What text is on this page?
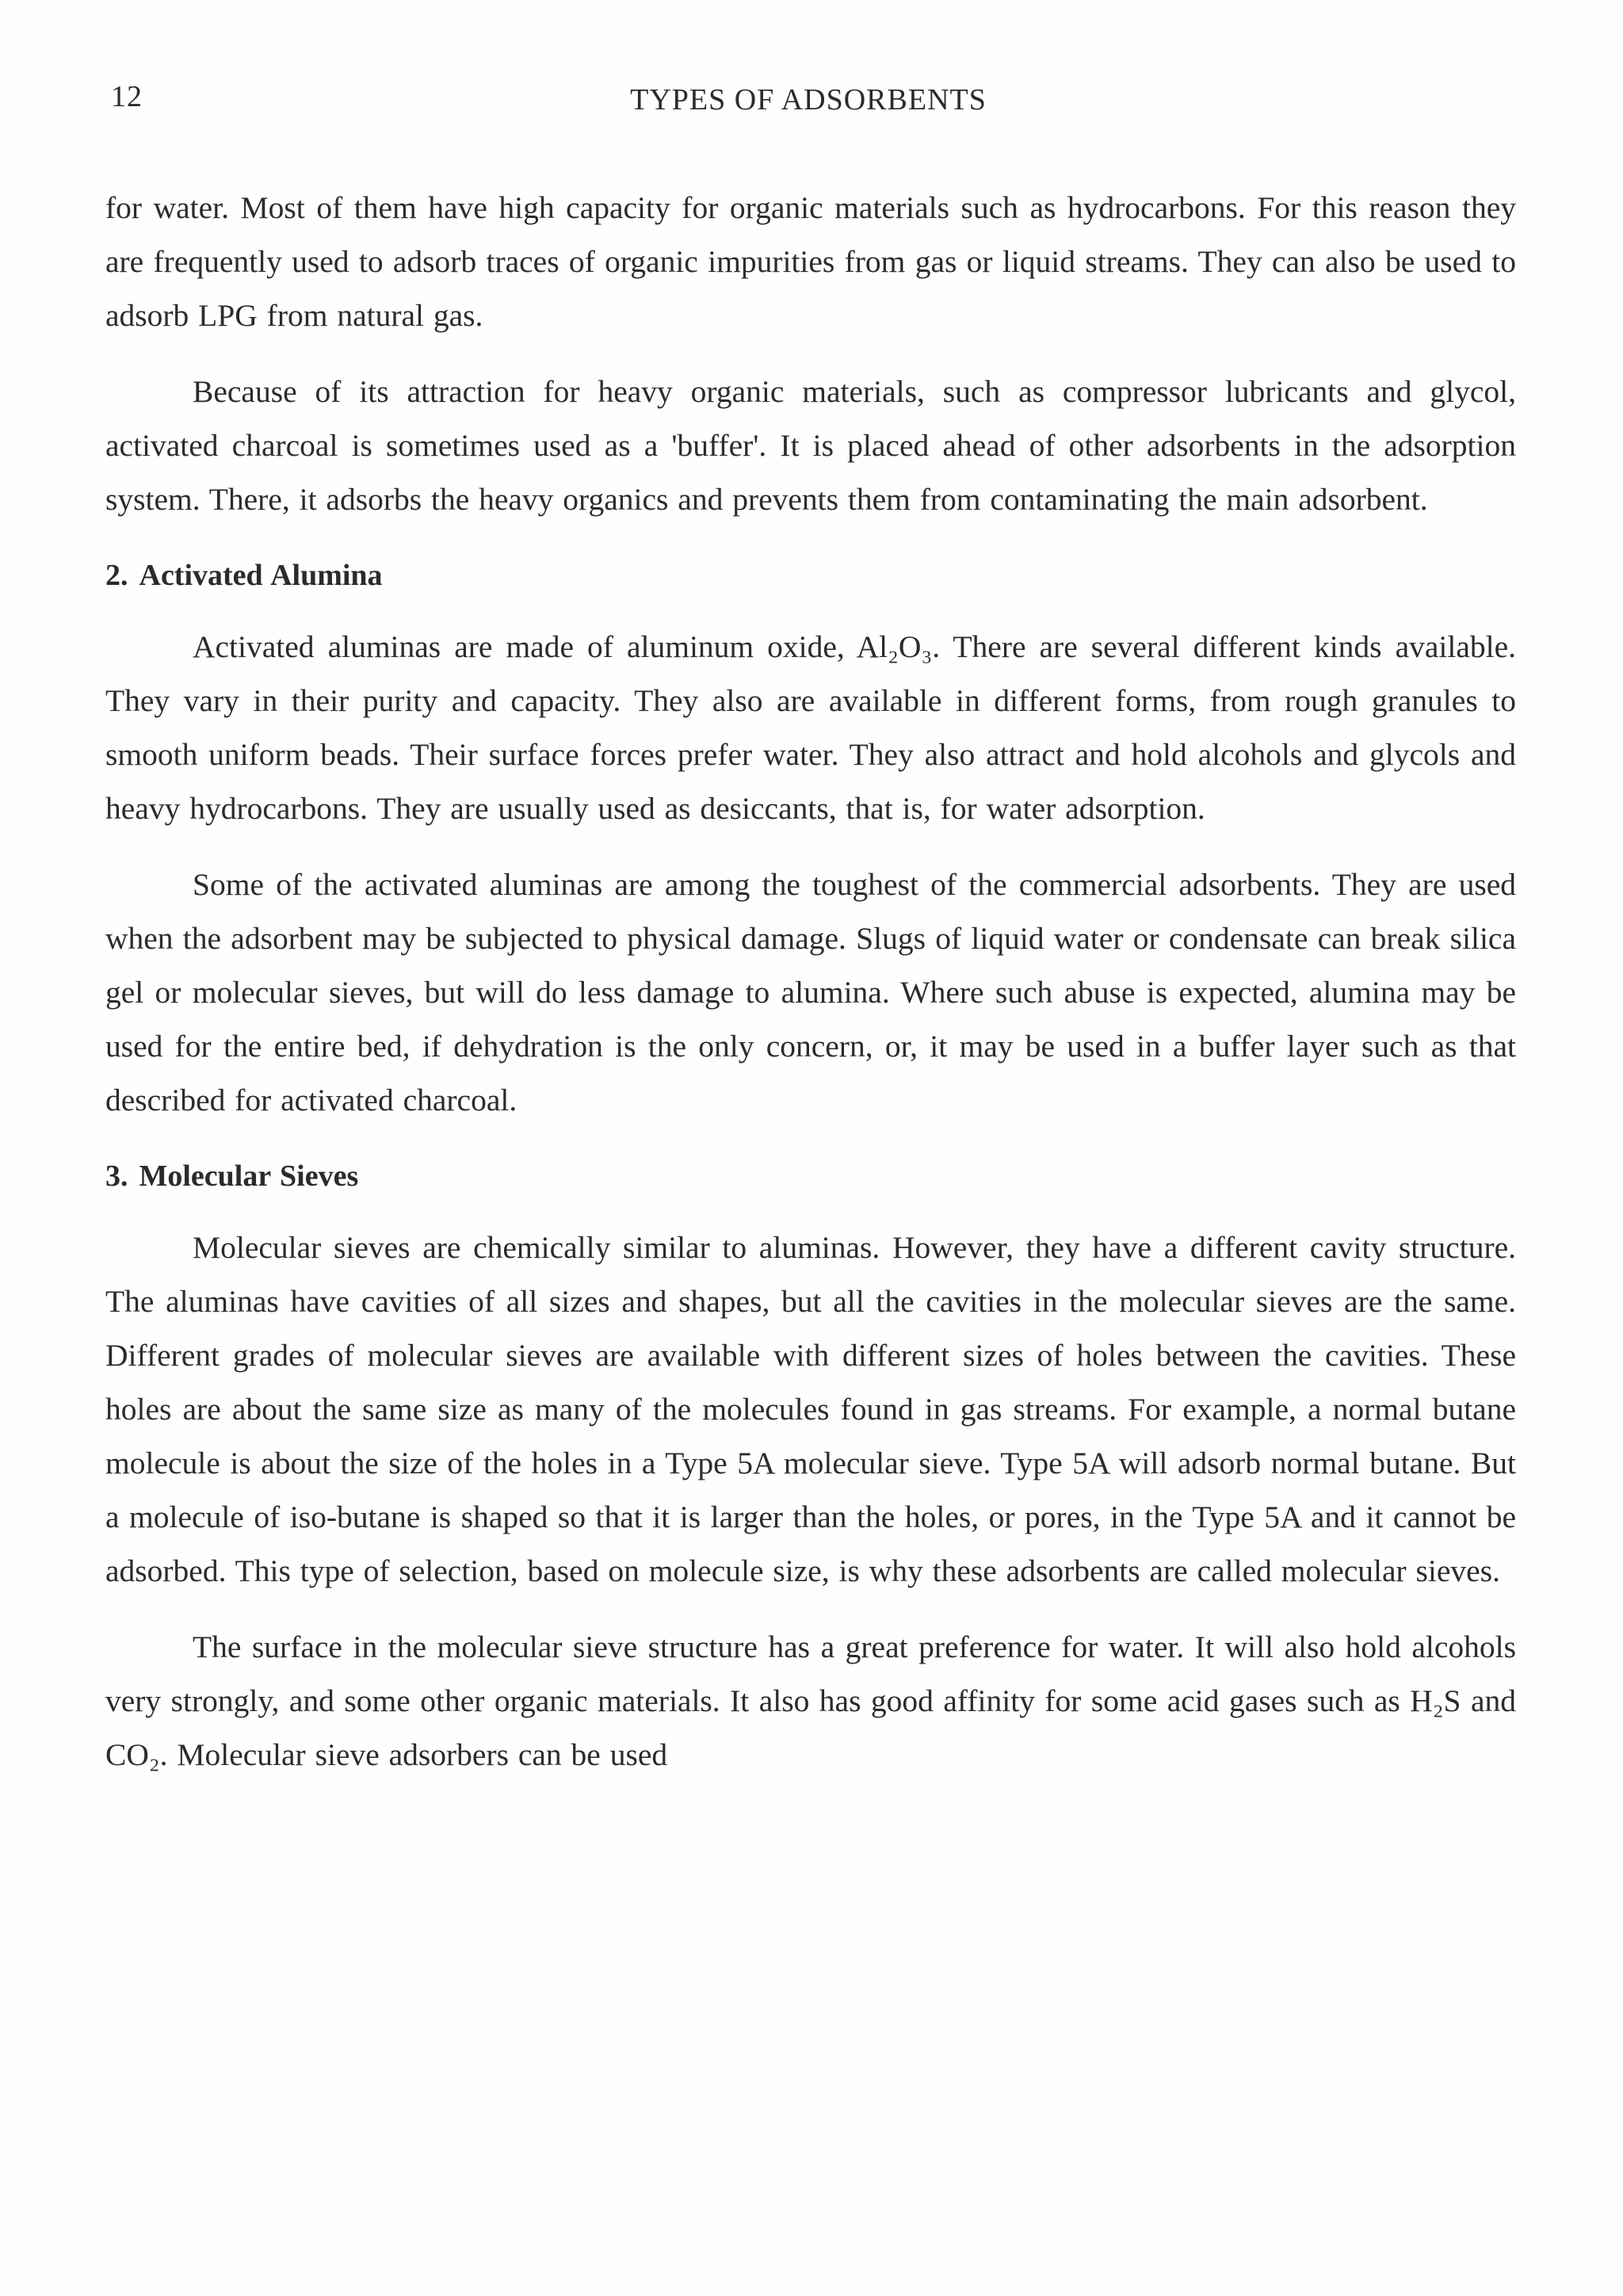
12	TYPES OF ADSORBENTS

for water. Most of them have high capacity for organic materials such as hydrocarbons. For this reason they are frequently used to adsorb traces of organic impurities from gas or liquid streams. They can also be used to adsorb LPG from natural gas.

Because of its attraction for heavy organic materials, such as compressor lubricants and glycol, activated charcoal is sometimes used as a 'buffer'. It is placed ahead of other adsorbents in the adsorption system. There, it adsorbs the heavy organics and prevents them from contaminating the main adsorbent.

2. Activated Alumina

Activated aluminas are made of aluminum oxide, Al₂O₃. There are several different kinds available. They vary in their purity and capacity. They also are available in different forms, from rough granules to smooth uniform beads. Their surface forces prefer water. They also attract and hold alcohols and glycols and heavy hydrocarbons. They are usually used as desiccants, that is, for water adsorption.

Some of the activated aluminas are among the toughest of the commercial adsorbents. They are used when the adsorbent may be subjected to physical damage. Slugs of liquid water or condensate can break silica gel or molecular sieves, but will do less damage to alumina. Where such abuse is expected, alumina may be used for the entire bed, if dehydration is the only concern, or, it may be used in a buffer layer such as that described for activated charcoal.

3. Molecular Sieves

Molecular sieves are chemically similar to aluminas. However, they have a different cavity structure. The aluminas have cavities of all sizes and shapes, but all the cavities in the molecular sieves are the same. Different grades of molecular sieves are available with different sizes of holes between the cavities. These holes are about the same size as many of the molecules found in gas streams. For example, a normal butane molecule is about the size of the holes in a Type 5A molecular sieve. Type 5A will adsorb normal butane. But a molecule of iso-butane is shaped so that it is larger than the holes, or pores, in the Type 5A and it cannot be adsorbed. This type of selection, based on molecule size, is why these adsorbents are called molecular sieves.

The surface in the molecular sieve structure has a great preference for water. It will also hold alcohols very strongly, and some other organic materials. It also has good affinity for some acid gases such as H₂S and CO₂. Molecular sieve adsorbers can be used
